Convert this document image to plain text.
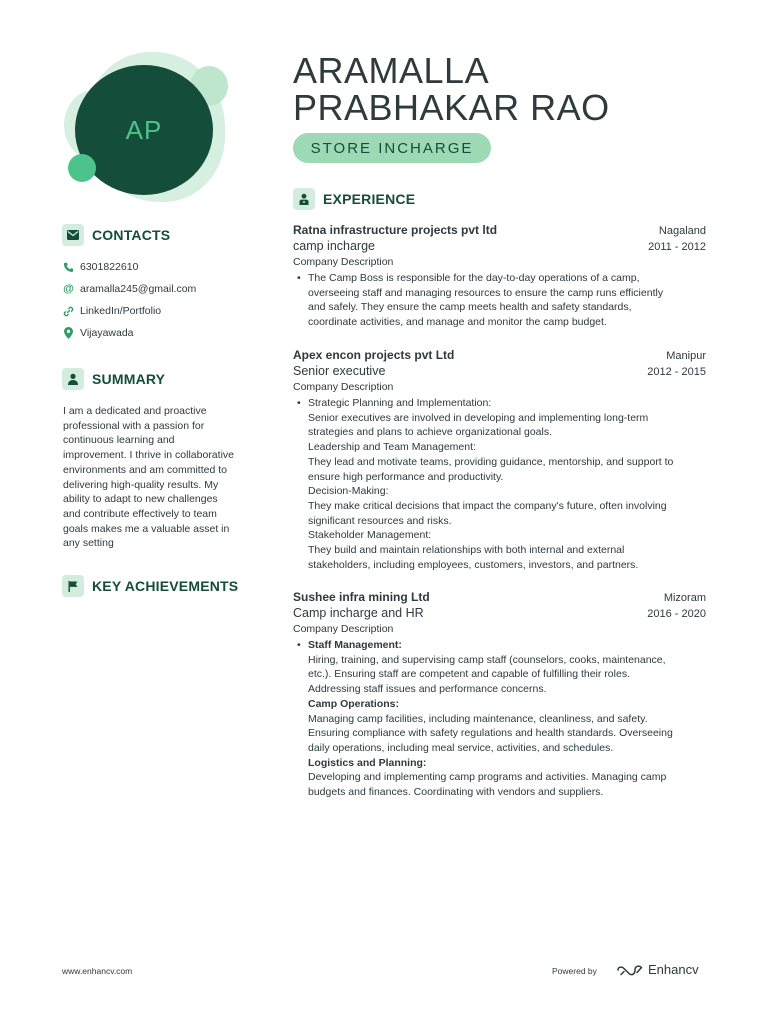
AP
ARAMALLA
PRABHAKAR RAO
STORE INCHARGE
CONTACTS
6301822610
@ aramalla245@gmail.com
LinkedIn/Portfolio
Vijayawada
SUMMARY
I am a dedicated and proactive
professional with a passion for
continuous learning and
improvement. I thrive in collaborative
environments and am committed to
delivering high-quality results. My
ability to adapt to new challenges
and contribute effectively to team
goals makes me a valuable asset in
any setting
KEY ACHIEVEMENTS
EXPERIENCE
Ratna infrastructure projects pvt ltd	Nagaland
camp incharge	2011 - 2012
Company Description
• The Camp Boss is responsible for the day-to-day operations of a camp,
overseeing staff and managing resources to ensure the camp runs efficiently
and safely. They ensure the camp meets health and safety standards,
coordinate activities, and manage and monitor the camp budget.
Apex encon projects pvt Ltd	Manipur
Senior executive	2012 - 2015
Company Description
• Strategic Planning and Implementation:
Senior executives are involved in developing and implementing long-term
strategies and plans to achieve organizational goals.
Leadership and Team Management:
They lead and motivate teams, providing guidance, mentorship, and support to
ensure high performance and productivity.
Decision-Making:
They make critical decisions that impact the company's future, often involving
significant resources and risks.
Stakeholder Management:
They build and maintain relationships with both internal and external
stakeholders, including employees, customers, investors, and partners.
Sushee infra mining Ltd	Mizoram
Camp incharge and HR	2016 - 2020
Company Description
• Staff Management:
Hiring, training, and supervising camp staff (counselors, cooks, maintenance,
etc.). Ensuring staff are competent and capable of fulfilling their roles.
Addressing staff issues and performance concerns.
Camp Operations:
Managing camp facilities, including maintenance, cleanliness, and safety.
Ensuring compliance with safety regulations and health standards. Overseeing
daily operations, including meal service, activities, and schedules.
Logistics and Planning:
Developing and implementing camp programs and activities. Managing camp
budgets and finances. Coordinating with vendors and suppliers.
www.enhancv.com	Powered by	Enhancv
